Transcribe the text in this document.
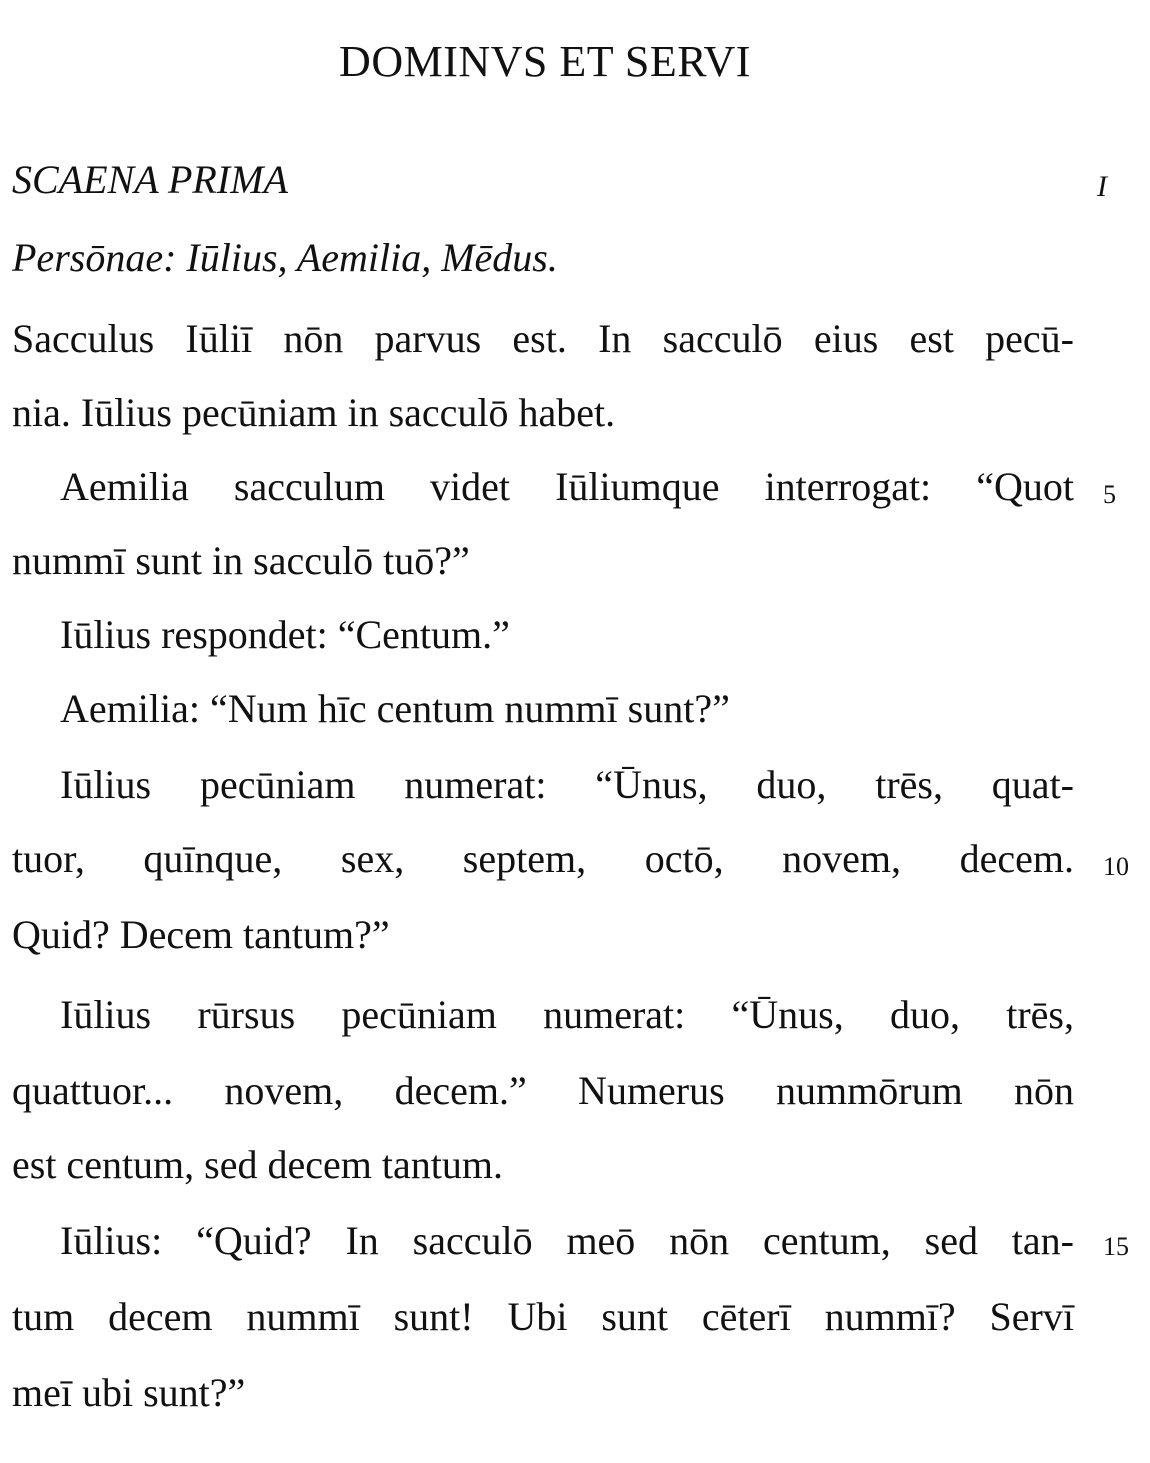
DOMINVS ET SERVI
SCAENA PRIMA	I
Persōnae: Iūlius, Aemilia, Mēdus.
Sacculus Iūliī nōn parvus est. In sacculō eius est pecū-
nia. Iūlius pecūniam in sacculō habet.
Aemilia sacculum videt Iūliumque interrogat: “Quot 5
nummī sunt in sacculō tuō?”
Iūlius respondet: “Centum.”
Aemilia: “Num hīc centum nummī sunt?”
Iūlius pecūniam numerat: “Ūnus, duo, trēs, quat-
tuor, quīnque, sex, septem, octō, novem, decem. 10
Quid? Decem tantum?”
Iūlius rūrsus pecūniam numerat: “Ūnus, duo, trēs,
quattuor... novem, decem.” Numerus nummōrum nōn
est centum, sed decem tantum.
Iūlius: “Quid? In sacculō meō nōn centum, sed tan- 15
tum decem nummī sunt! Ubi sunt cēterī nummī? Servī
meī ubi sunt?”
